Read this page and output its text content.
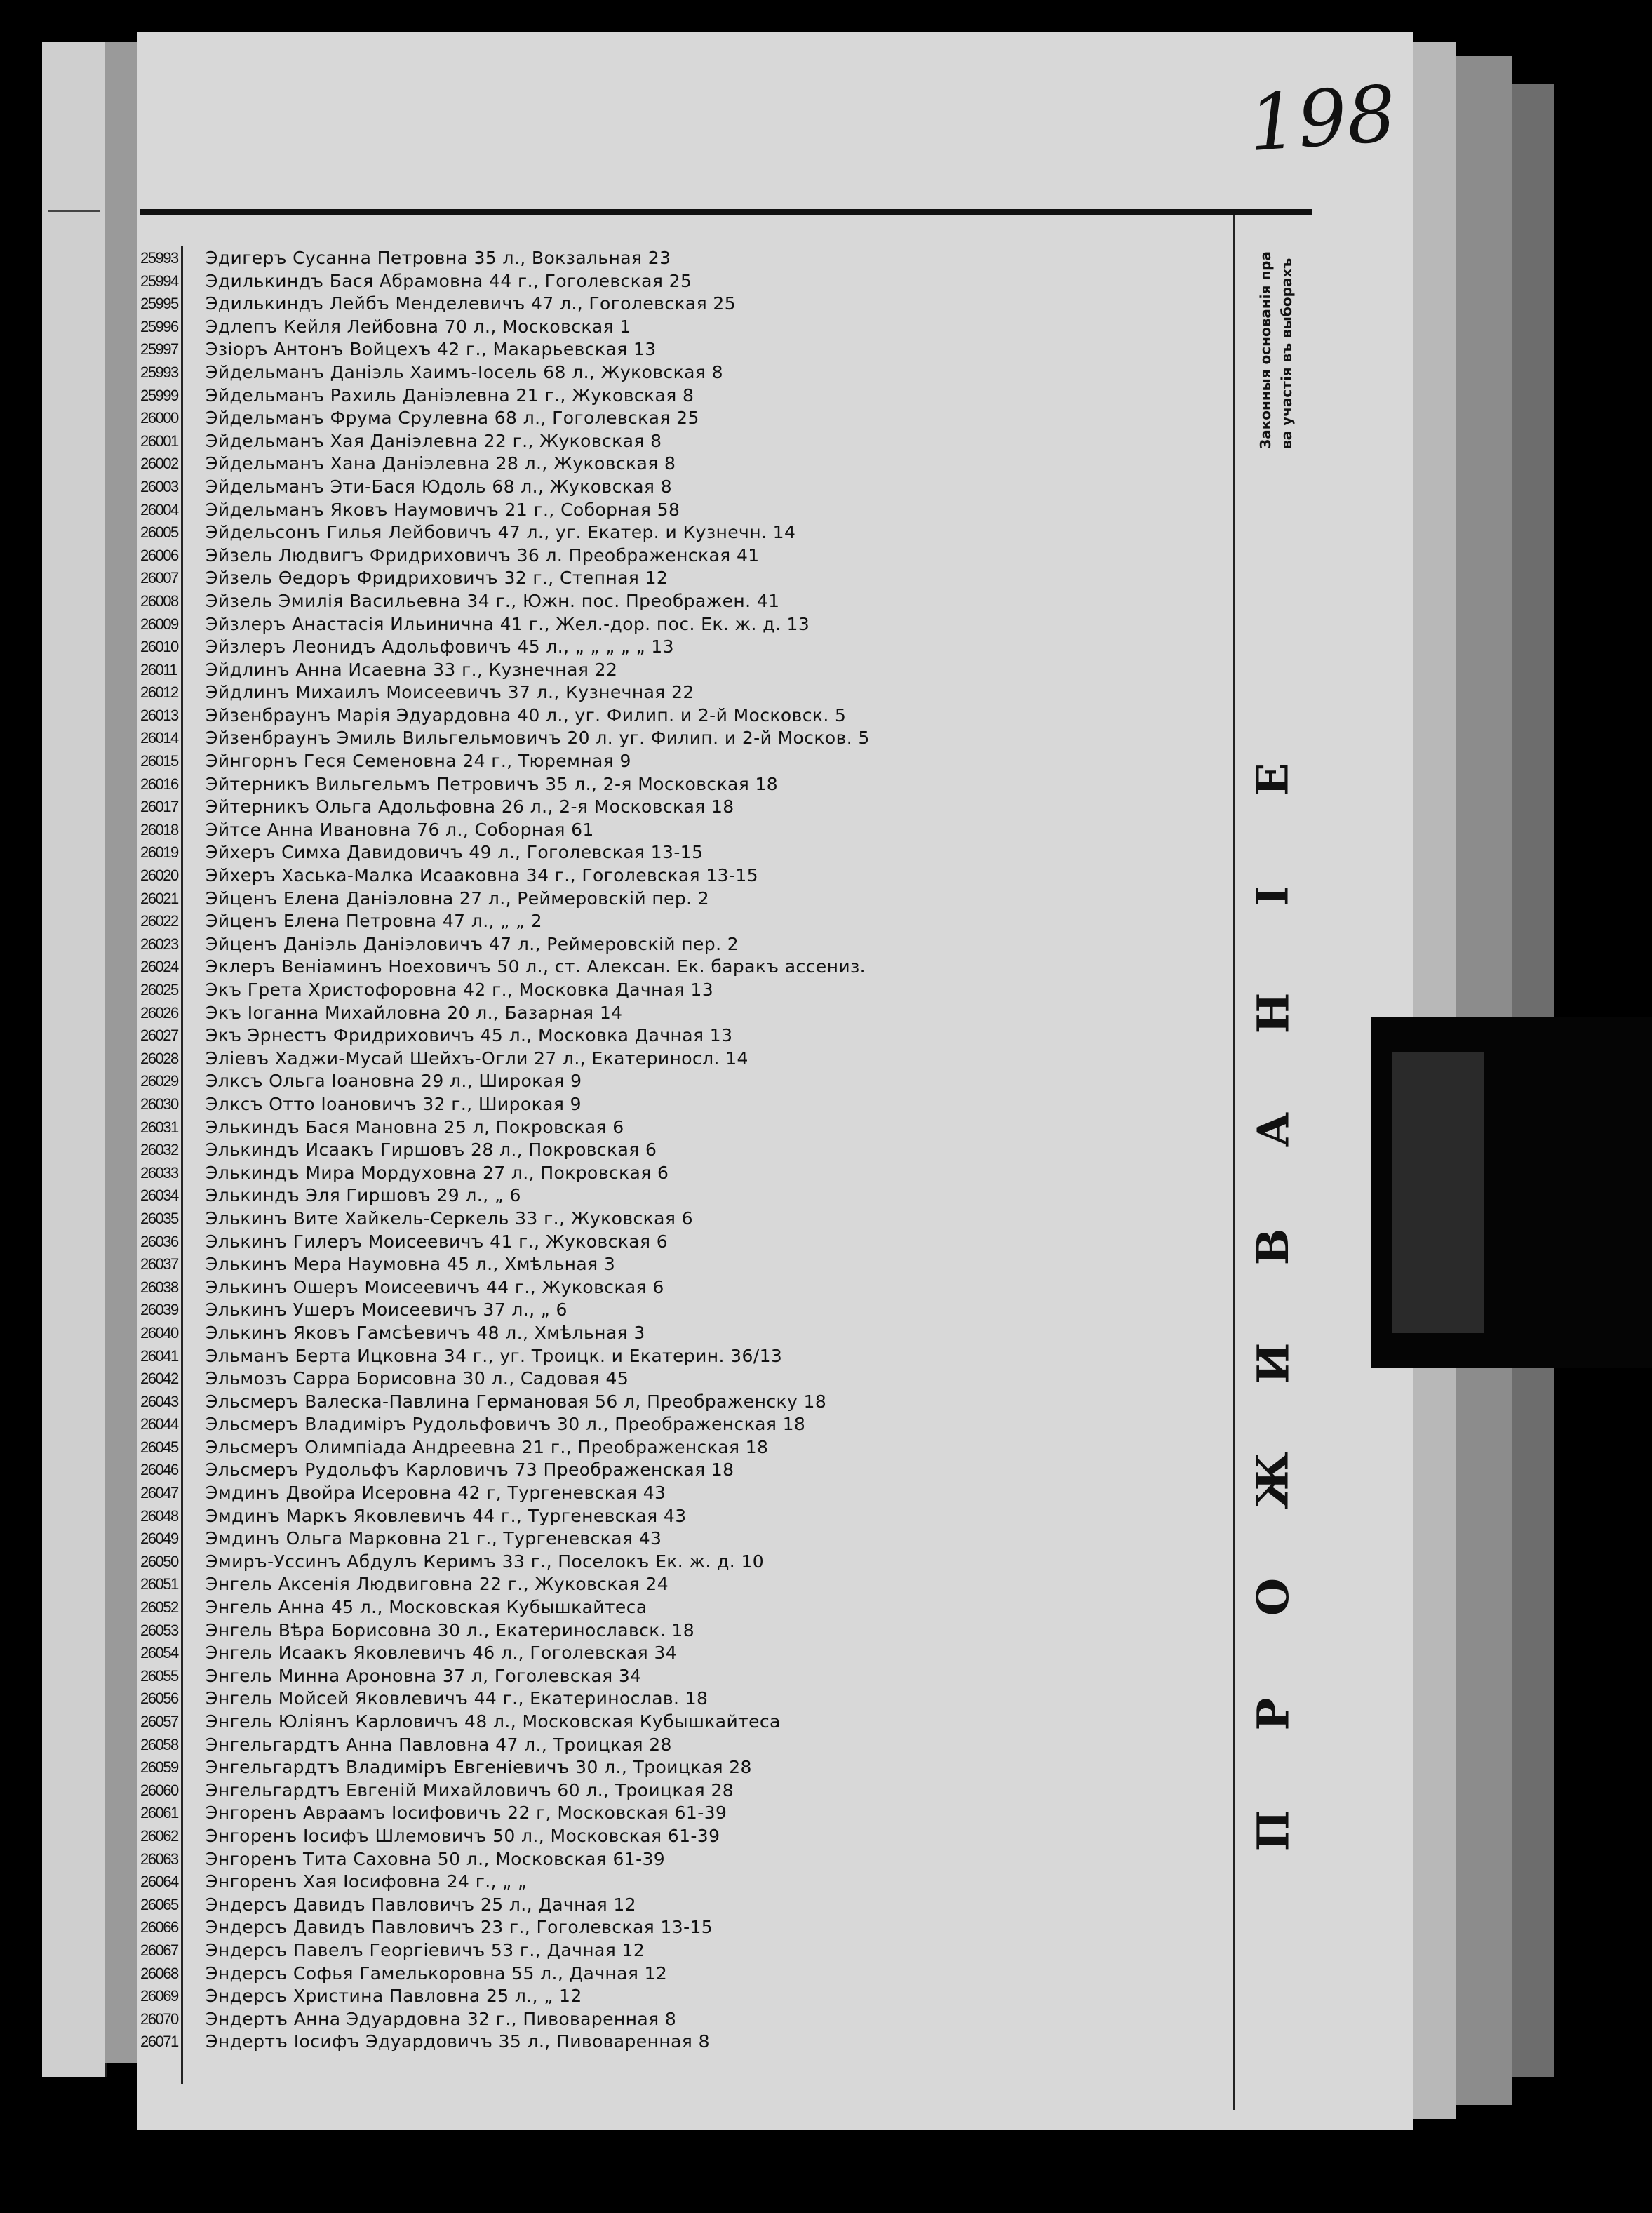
198
Законныя основанія пра ва участія въ выборахъ
Е
І
Н
А
В
И
Ж
О
Р
П
25993	Эдигеръ Сусанна Петровна 35 л., Вокзальная 23
25994	Эдилькиндъ Бася Абрамовна 44 г., Гоголевская 25
25995	Эдилькиндъ Лейбъ Менделевичъ 47 л., Гоголевская 25
25996	Эдлепъ Кейля Лейбовна 70 л., Московская 1
25997	Эзіоръ Антонъ Войцехъ 42 г., Макарьевская 13
25993	Эйдельманъ Даніэль Хаимъ-Іосель 68 л., Жуковская 8
25999	Эйдельманъ Рахиль Даніэлевна 21 г., Жуковская 8
26000	Эйдельманъ Фрума Срулевна 68 л., Гоголевская 25
26001	Эйдельманъ Хая Даніэлевна 22 г., Жуковская 8
26002	Эйдельманъ Хана Даніэлевна 28 л., Жуковская 8
26003	Эйдельманъ Эти-Бася Юдоль 68 л., Жуковская 8
26004	Эйдельманъ Яковъ Наумовичъ 21 г., Соборная 58
26005	Эйдельсонъ Гилья Лейбовичъ 47 л., уг. Екатер. и Кузнечн. 14
26006	Эйзель Людвигъ Фридриховичъ 36 л. Преображенская 41
26007	Эйзель Өедоръ Фридриховичъ 32 г., Степная 12
26008	Эйзель Эмилія Васильевна 34 г., Южн. пос. Преображен. 41
26009	Эйзлеръ Анастасія Ильинична 41 г., Жел.-дор. пос. Ек. ж. д. 13
26010	Эйзлеръ Леонидъ Адольфовичъ 45 л., „ „ „ „ „ 13
26011	Эйдлинъ Анна Исаевна 33 г., Кузнечная 22
26012	Эйдлинъ Михаилъ Моисеевичъ 37 л., Кузнечная 22
26013	Эйзенбраунъ Марія Эдуардовна 40 л., уг. Филип. и 2-й Московск. 5
26014	Эйзенбраунъ Эмиль Вильгельмовичъ 20 л. уг. Филип. и 2-й Москов. 5
26015	Эйнгорнъ Геся Семеновна 24 г., Тюремная 9
26016	Эйтерникъ Вильгельмъ Петровичъ 35 л., 2-я Московская 18
26017	Эйтерникъ Ольга Адольфовна 26 л., 2-я Московская 18
26018	Эйтсе Анна Ивановна 76 л., Соборная 61
26019	Эйхеръ Симха Давидовичъ 49 л., Гоголевская 13-15
26020	Эйхеръ Хаська-Малка Исааковна 34 г., Гоголевская 13-15
26021	Эйценъ Елена Даніэловна 27 л., Реймеровскій пер. 2
26022	Эйценъ Елена Петровна 47 л., „ „ 2
26023	Эйценъ Даніэль Даніэловичъ 47 л., Реймеровскій пер. 2
26024	Эклеръ Веніаминъ Ноеховичъ 50 л., ст. Алексан. Ек. баракъ ассениз.
26025	Экъ Грета Христофоровна 42 г., Московка Дачная 13
26026	Экъ Іоганна Михайловна 20 л., Базарная 14
26027	Экъ Эрнестъ Фридриховичъ 45 л., Московка Дачная 13
26028	Эліевъ Хаджи-Мусай Шейхъ-Огли 27 л., Екатериносл. 14
26029	Элксъ Ольга Іоановна 29 л., Широкая 9
26030	Элксъ Отто Іоановичъ 32 г., Широкая 9
26031	Элькиндъ Бася Мановна 25 л, Покровская 6
26032	Элькиндъ Исаакъ Гиршовъ 28 л., Покровская 6
26033	Элькиндъ Мира Мордуховна 27 л., Покровская 6
26034	Элькиндъ Эля Гиршовъ 29 л., „ 6
26035	Элькинъ Вите Хайкель-Серкель 33 г., Жуковская 6
26036	Элькинъ Гилеръ Моисеевичъ 41 г., Жуковская 6
26037	Элькинъ Мера Наумовна 45 л., Хмѣльная 3
26038	Элькинъ Ошеръ Моисеевичъ 44 г., Жуковская 6
26039	Элькинъ Ушеръ Моисеевичъ 37 л., „ 6
26040	Элькинъ Яковъ Гамсѣевичъ 48 л., Хмѣльная 3
26041	Эльманъ Берта Ицковна 34 г., уг. Троицк. и Екатерин. 36/13
26042	Эльмозъ Сарра Борисовна 30 л., Садовая 45
26043	Эльсмеръ Валеска-Павлина Германовая 56 л, Преображенску 18
26044	Эльсмеръ Владиміръ Рудольфовичъ 30 л., Преображенская 18
26045	Эльсмеръ Олимпіада Андреевна 21 г., Преображенская 18
26046	Эльсмеръ Рудольфъ Карловичъ 73 Преображенская 18
26047	Эмдинъ Двойра Исеровна 42 г, Тургеневская 43
26048	Эмдинъ Маркъ Яковлевичъ 44 г., Тургеневская 43
26049	Эмдинъ Ольга Марковна 21 г., Тургеневская 43
26050	Эмиръ-Уссинъ Абдулъ Керимъ 33 г., Поселокъ Ек. ж. д. 10
26051	Энгель Аксенія Людвиговна 22 г., Жуковская 24
26052	Энгель Анна 45 л., Московская Кубышкайтеса
26053	Энгель Вѣра Борисовна 30 л., Екатеринославск. 18
26054	Энгель Исаакъ Яковлевичъ 46 л., Гоголевская 34
26055	Энгель Минна Ароновна 37 л, Гоголевская 34
26056	Энгель Мойсей Яковлевичъ 44 г., Екатеринослав. 18
26057	Энгель Юліянъ Карловичъ 48 л., Московская Кубышкайтеса
26058	Энгельгардтъ Анна Павловна 47 л., Троицкая 28
26059	Энгельгардтъ Владиміръ Евгеніевичъ 30 л., Троицкая 28
26060	Энгельгардтъ Евгеній Михайловичъ 60 л., Троицкая 28
26061	Энгоренъ Авраамъ Іосифовичъ 22 г, Московская 61-39
26062	Энгоренъ Іосифъ Шлемовичъ 50 л., Московская 61-39
26063	Энгоренъ Тита Саховна 50 л., Московская 61-39
26064	Энгоренъ Хая Іосифовна 24 г., „ „
26065	Эндерсъ Давидъ Павловичъ 25 л., Дачная 12
26066	Эндерсъ Давидъ Павловичъ 23 г., Гоголевская 13-15
26067	Эндерсъ Павелъ Георгіевичъ 53 г., Дачная 12
26068	Эндерсъ Софья Гамелькоровна 55 л., Дачная 12
26069	Эндерсъ Христина Павловна 25 л., „ 12
26070	Эндертъ Анна Эдуардовна 32 г., Пивоваренная 8
26071	Эндертъ Іосифъ Эдуардовичъ 35 л., Пивоваренная 8
